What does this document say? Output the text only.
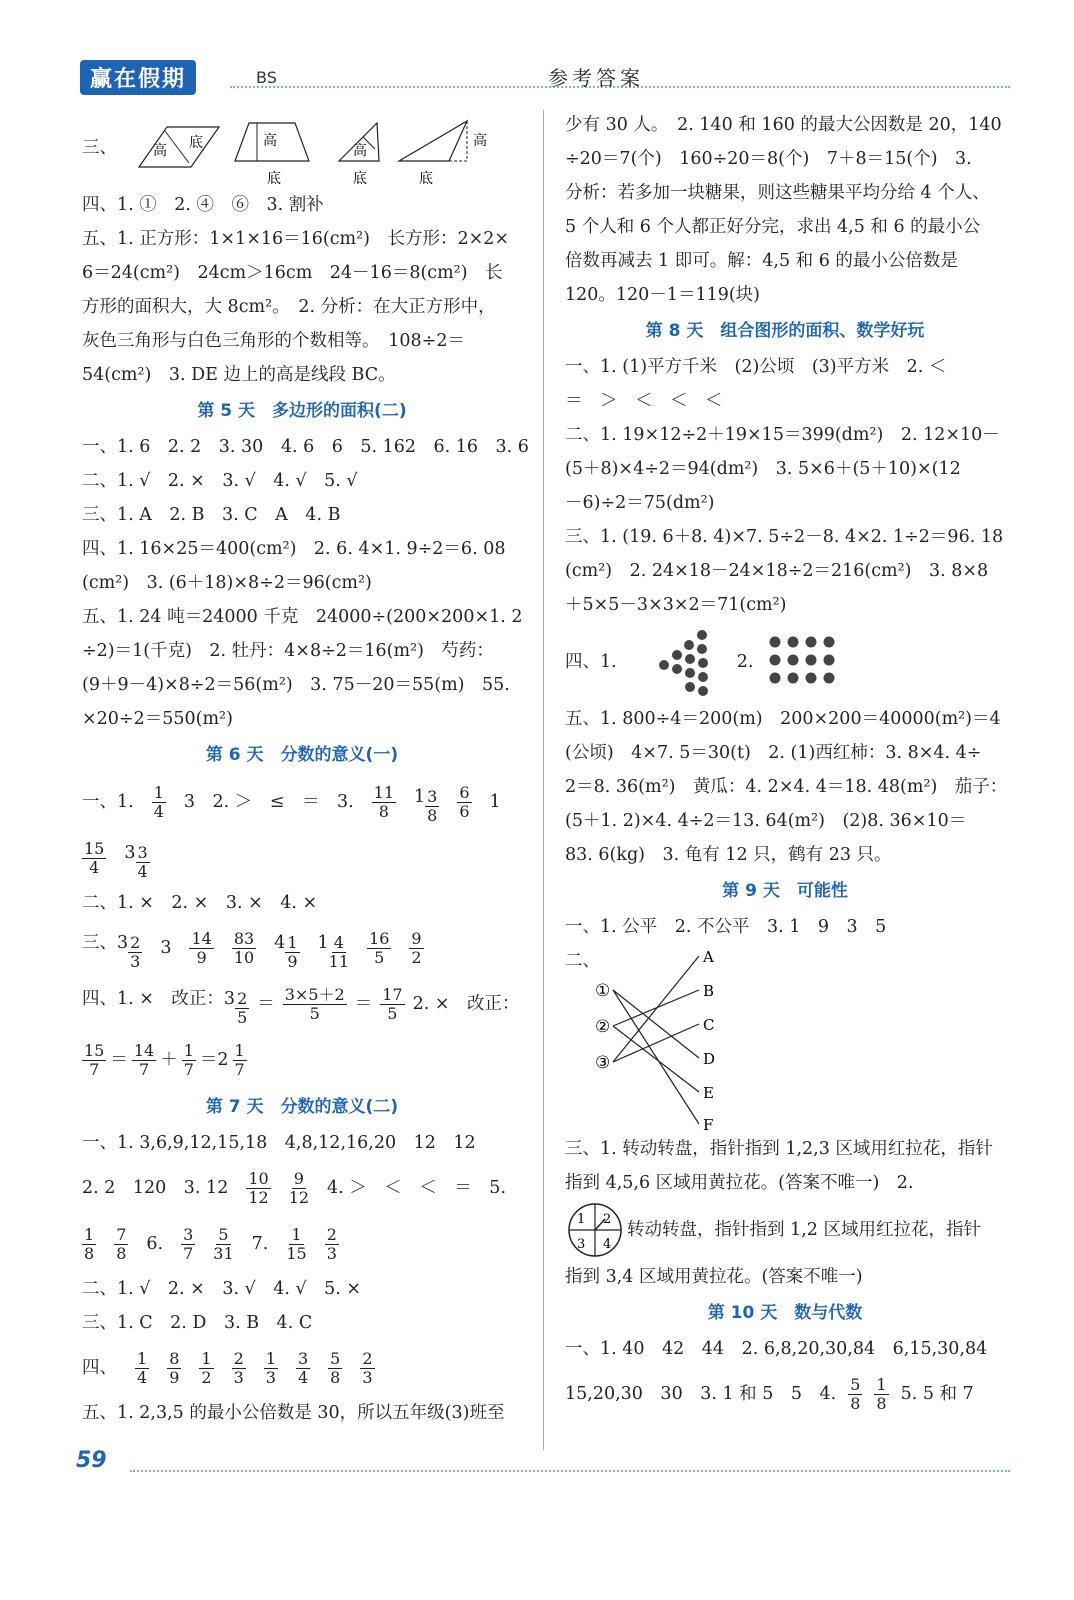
赢在假期	BS	参考答案
三、	高 底	高
底
高
底
高
底
四、1. ①　2. ④　⑥　3. 割补
五、1. 正方形：1×1×16＝16(cm²)　长方形：2×2×
6＝24(cm²)　24cm＞16cm　24－16＝8(cm²)　长
方形的面积大，大 8cm²。　2. 分析：在大正方形中，
灰色三角形与白色三角形的个数相等。　108÷2＝
54(cm²)　3. DE 边上的高是线段 BC。
第 5 天　多边形的面积(二)
一、1. 6　2. 2　3. 30　4. 6　6　5. 162　6. 16　3. 6
二、1. √　2. ×　3. √　4. √　5. √
三、1. A　2. B　3. C　A　4. B
四、1. 16×25＝400(cm²)　2. 6. 4×1. 9÷2＝6. 08
(cm²)　3. (6＋18)×8÷2＝96(cm²)
五、1. 24 吨＝24000 千克　24000÷(200×200×1. 2
÷2)＝1(千克)　2. 牡丹：4×8÷2＝16(m²)　芍药：
(9＋9－4)×8÷2＝56(m²)　3. 75－20＝55(m)　55.
×20÷2＝550(m²)
第 6 天　分数的意义(一)
一、1. $\frac{1}{4} 3$　2. ＞　≤　＝　3. $\frac{11}{8} 1 \frac{3}{8} \frac{6}{6} 1$
$\frac{15}{4} 3 \frac{3}{4}$
二、1. ×　2. ×　3. ×　4. ×
三、$3 \frac{2}{3} 3 \frac{14}{9} \frac{83}{10} 4 \frac{1}{9} 1 \frac{4}{11} \frac{16}{5} \frac{9}{2}$
四、1. ×　改正：$3 \frac{2}{5} = \frac{3\times 5+2}{5} = \frac{17}{5} 2$. ×　改正：
$\frac{15}{7} = \frac{14}{7} + \frac{1}{7} =2 \frac{1}{7}$
第 7 天　分数的意义(二)
一、1. 3,6,9,12,15,18　4,8,12,16,20　12　12
2. 2　120　3. $12 \frac{10}{12} \frac{9}{12} 4$. ＞　＜　＜　＝　5.
$\frac{1}{8} \frac{7}{8} 6$. $\frac{3}{7} \frac{5}{31} 7$. $\frac{1}{15} \frac{2}{3}$
二、1. √　2. ×　3. √　4. √　5. ×
三、1. C　2. D　3. B　4. C
四、 $\frac{1}{4} \frac{8}{9} \frac{1}{2} \frac{2}{3} \frac{1}{3} \frac{3}{4} \frac{5}{8} \frac{2}{3}$
五、1. 2,3,5 的最小公倍数是 30，所以五年级(3)班至
少有 30 人。　2. 140 和 160 的最大公因数是 20，140
÷20＝7(个)　160÷20＝8(个)　7＋8＝15(个)　3.
分析：若多加一块糖果，则这些糖果平均分给 4 个人、
5 个人和 6 个人都正好分完，求出 4,5 和 6 的最小公
倍数再减去 1 即可。解：4,5 和 6 的最小公倍数是
120。120－1＝119(块)
第 8 天　组合图形的面积、数学好玩
一、1. (1)平方千米　(2)公顷　(3)平方米　2. ＜
＝　＞　＜　＜　＜
二、1. 19×12÷2＋19×15＝399(dm²)　2. 12×10－
(5＋8)×4÷2＝94(dm²)　3. 5×6＋(5＋10)×(12
－6)÷2＝75(dm²)
三、1. (19. 6＋8. 4)×7. 5÷2－8. 4×2. 1÷2＝96. 18
(cm²)　2. 24×18－24×18÷2＝216(cm²)　3. 8×8
＋5×5－3×3×2＝71(cm²)
四、1.	2.
五、1. 800÷4＝200(m)　200×200＝40000(m²)＝4
(公顷)　4×7. 5＝30(t)　2. (1)西红柿：3. 8×4. 4÷
2＝8. 36(m²)　黄瓜：4. 2×4. 4＝18. 48(m²)　茄子：
(5＋1. 2)×4. 4÷2＝13. 64(m²)　(2)8. 36×10＝
83. 6(kg)　3. 龟有 12 只，鹤有 23 只。
第 9 天　可能性
一、1. 公平　2. 不公平　3. 1　9　3　5
二、
①
②
③
A
B
C
D
E
F
三、1. 转动转盘，指针指到 1,2,3 区域用红拉花，指针
指到 4,5,6 区域用黄拉花。(答案不唯一)　2.
1 2
3 4
转动转盘，指针指到 1,2 区域用红拉花，指针
指到 3,4 区域用黄拉花。(答案不唯一)
第 10 天　数与代数
一、1. 40　42　44　2. 6,8,20,30,84　6,15,30,84
15,20,30　30　3. 1 和 5　5　4. $\frac{5}{8} \frac{1}{8} 5$. 5 和 7
59
